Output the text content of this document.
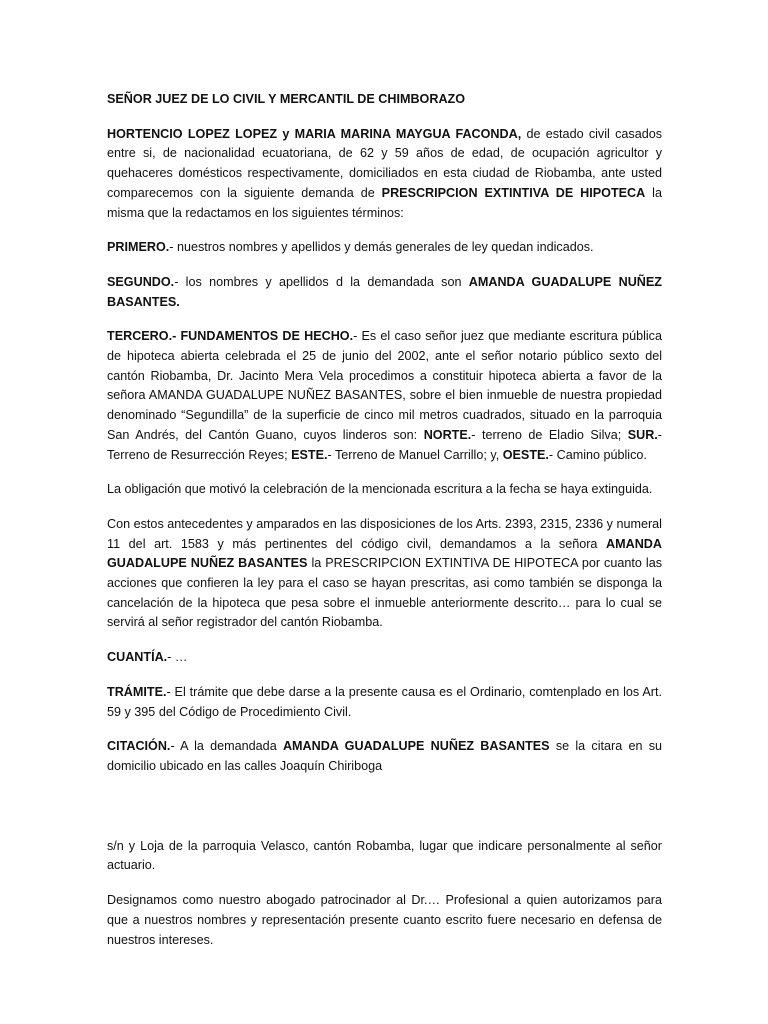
SEÑOR JUEZ DE LO CIVIL Y MERCANTIL DE CHIMBORAZO

HORTENCIO LOPEZ LOPEZ y MARIA MARINA MAYGUA FACONDA, de estado civil casados entre si, de nacionalidad ecuatoriana, de 62 y 59 años de edad, de ocupación agricultor y quehaceres domésticos respectivamente, domiciliados en esta ciudad de Riobamba, ante usted comparecemos con la siguiente demanda de PRESCRIPCION EXTINTIVA DE HIPOTECA la misma que la redactamos en los siguientes términos:

PRIMERO.- nuestros nombres y apellidos y demás generales de ley quedan indicados.

SEGUNDO.- los nombres y apellidos d la demandada son AMANDA GUADALUPE NUÑEZ BASANTES.

TERCERO.- FUNDAMENTOS DE HECHO.- Es el caso señor juez que mediante escritura pública de hipoteca abierta celebrada el 25 de junio del 2002, ante el señor notario público sexto del cantón Riobamba, Dr. Jacinto Mera Vela procedimos a constituir hipoteca abierta a favor de la señora AMANDA GUADALUPE NUÑEZ BASANTES, sobre el bien inmueble de nuestra propiedad denominado “Segundilla” de la superficie de cinco mil metros cuadrados, situado en la parroquia San Andrés, del Cantón Guano, cuyos linderos son: NORTE.- terreno de Eladio Silva; SUR.- Terreno de Resurrección Reyes; ESTE.- Terreno de Manuel Carrillo; y, OESTE.- Camino público.

La obligación que motivó la celebración de la mencionada escritura a la fecha se haya extinguida.

Con estos antecedentes y amparados en las disposiciones de los Arts. 2393, 2315, 2336 y numeral 11 del art. 1583 y más pertinentes del código civil, demandamos a la señora AMANDA GUADALUPE NUÑEZ BASANTES la PRESCRIPCION EXTINTIVA DE HIPOTECA por cuanto las acciones que confieren la ley para el caso se hayan prescritas, asi como también se disponga la cancelación de la hipoteca que pesa sobre el inmueble anteriormente descrito… para lo cual se servirá al señor registrador del cantón Riobamba.

CUANTÍA.- …

TRÁMITE.- El trámite que debe darse a la presente causa es el Ordinario, comtenplado en los Art. 59 y 395 del Código de Procedimiento Civil.

CITACIÓN.- A la demandada AMANDA GUADALUPE NUÑEZ BASANTES se la citara en su domicilio ubicado en las calles Joaquín Chiriboga

s/n y Loja de la parroquia Velasco, cantón Robamba, lugar que indicare personalmente al señor actuario.

Designamos como nuestro abogado patrocinador al Dr.… Profesional a quien autorizamos para que a nuestros nombres y representación presente cuanto escrito fuere necesario en defensa de nuestros intereses.
